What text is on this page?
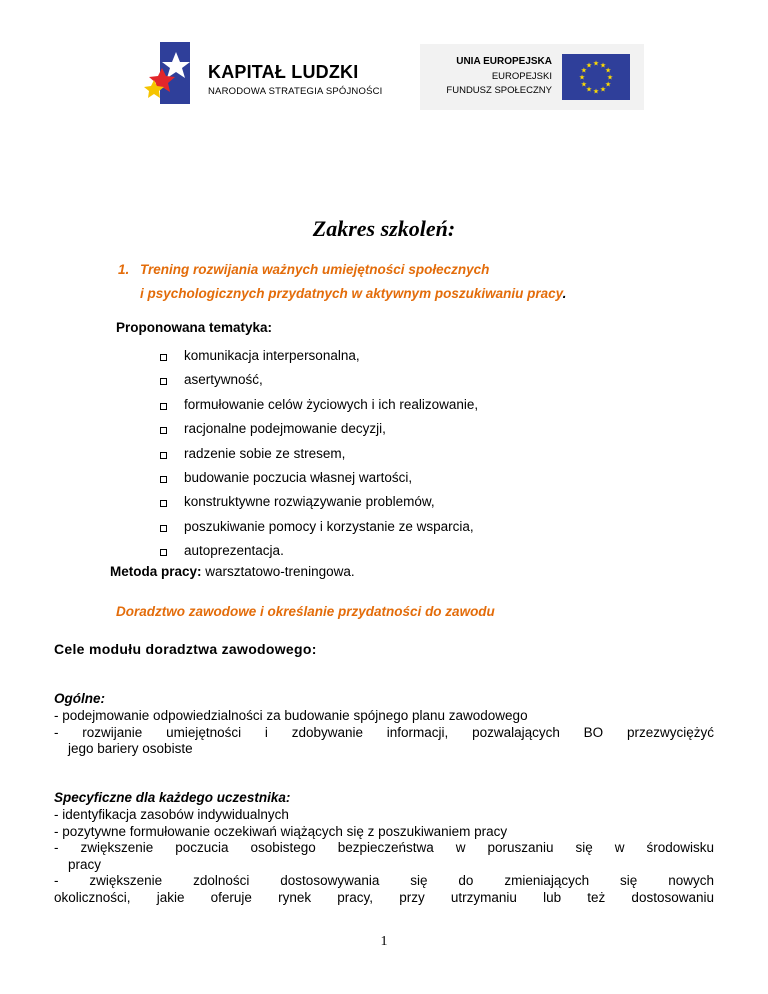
KAPITAŁ LUDZKI
NARODOWA STRATEGIA SPÓJNOŚCI
UNIA EUROPEJSKA
EUROPEJSKI
FUNDUSZ SPOŁECZNY
★ ★
★
★
★
★
★
★
★
★
★
★
Zakres szkoleń:
1. Trening rozwijania ważnych umiejętności społecznych
i psychologicznych przydatnych w aktywnym poszukiwaniu pracy.
Proponowana tematyka:
komunikacja interpersonalna,
asertywność,
formułowanie celów życiowych i ich realizowanie,
racjonalne podejmowanie decyzji,
radzenie sobie ze stresem,
budowanie poczucia własnej wartości,
konstruktywne rozwiązywanie problemów,
poszukiwanie pomocy i korzystanie ze wsparcia,
autoprezentacja.
Metoda pracy: warsztatowo-treningowa.
Doradztwo zawodowe i określanie przydatności do zawodu
Cele modułu doradztwa zawodowego:
Ogólne:
- podejmowanie odpowiedzialności za budowanie spójnego planu zawodowego
- rozwijanie umiejętności i zdobywanie informacji, pozwalających BO przezwyciężyć
jego bariery osobiste
Specyficzne dla każdego uczestnika:
- identyfikacja zasobów indywidualnych
- pozytywne formułowanie oczekiwań wiążących się z poszukiwaniem pracy
- zwiększenie poczucia osobistego bezpieczeństwa w poruszaniu się w środowisku
pracy
- zwiększenie zdolności dostosowywania się do zmieniających się nowych
okoliczności, jakie oferuje rynek pracy, przy utrzymaniu lub też dostosowaniu
1
